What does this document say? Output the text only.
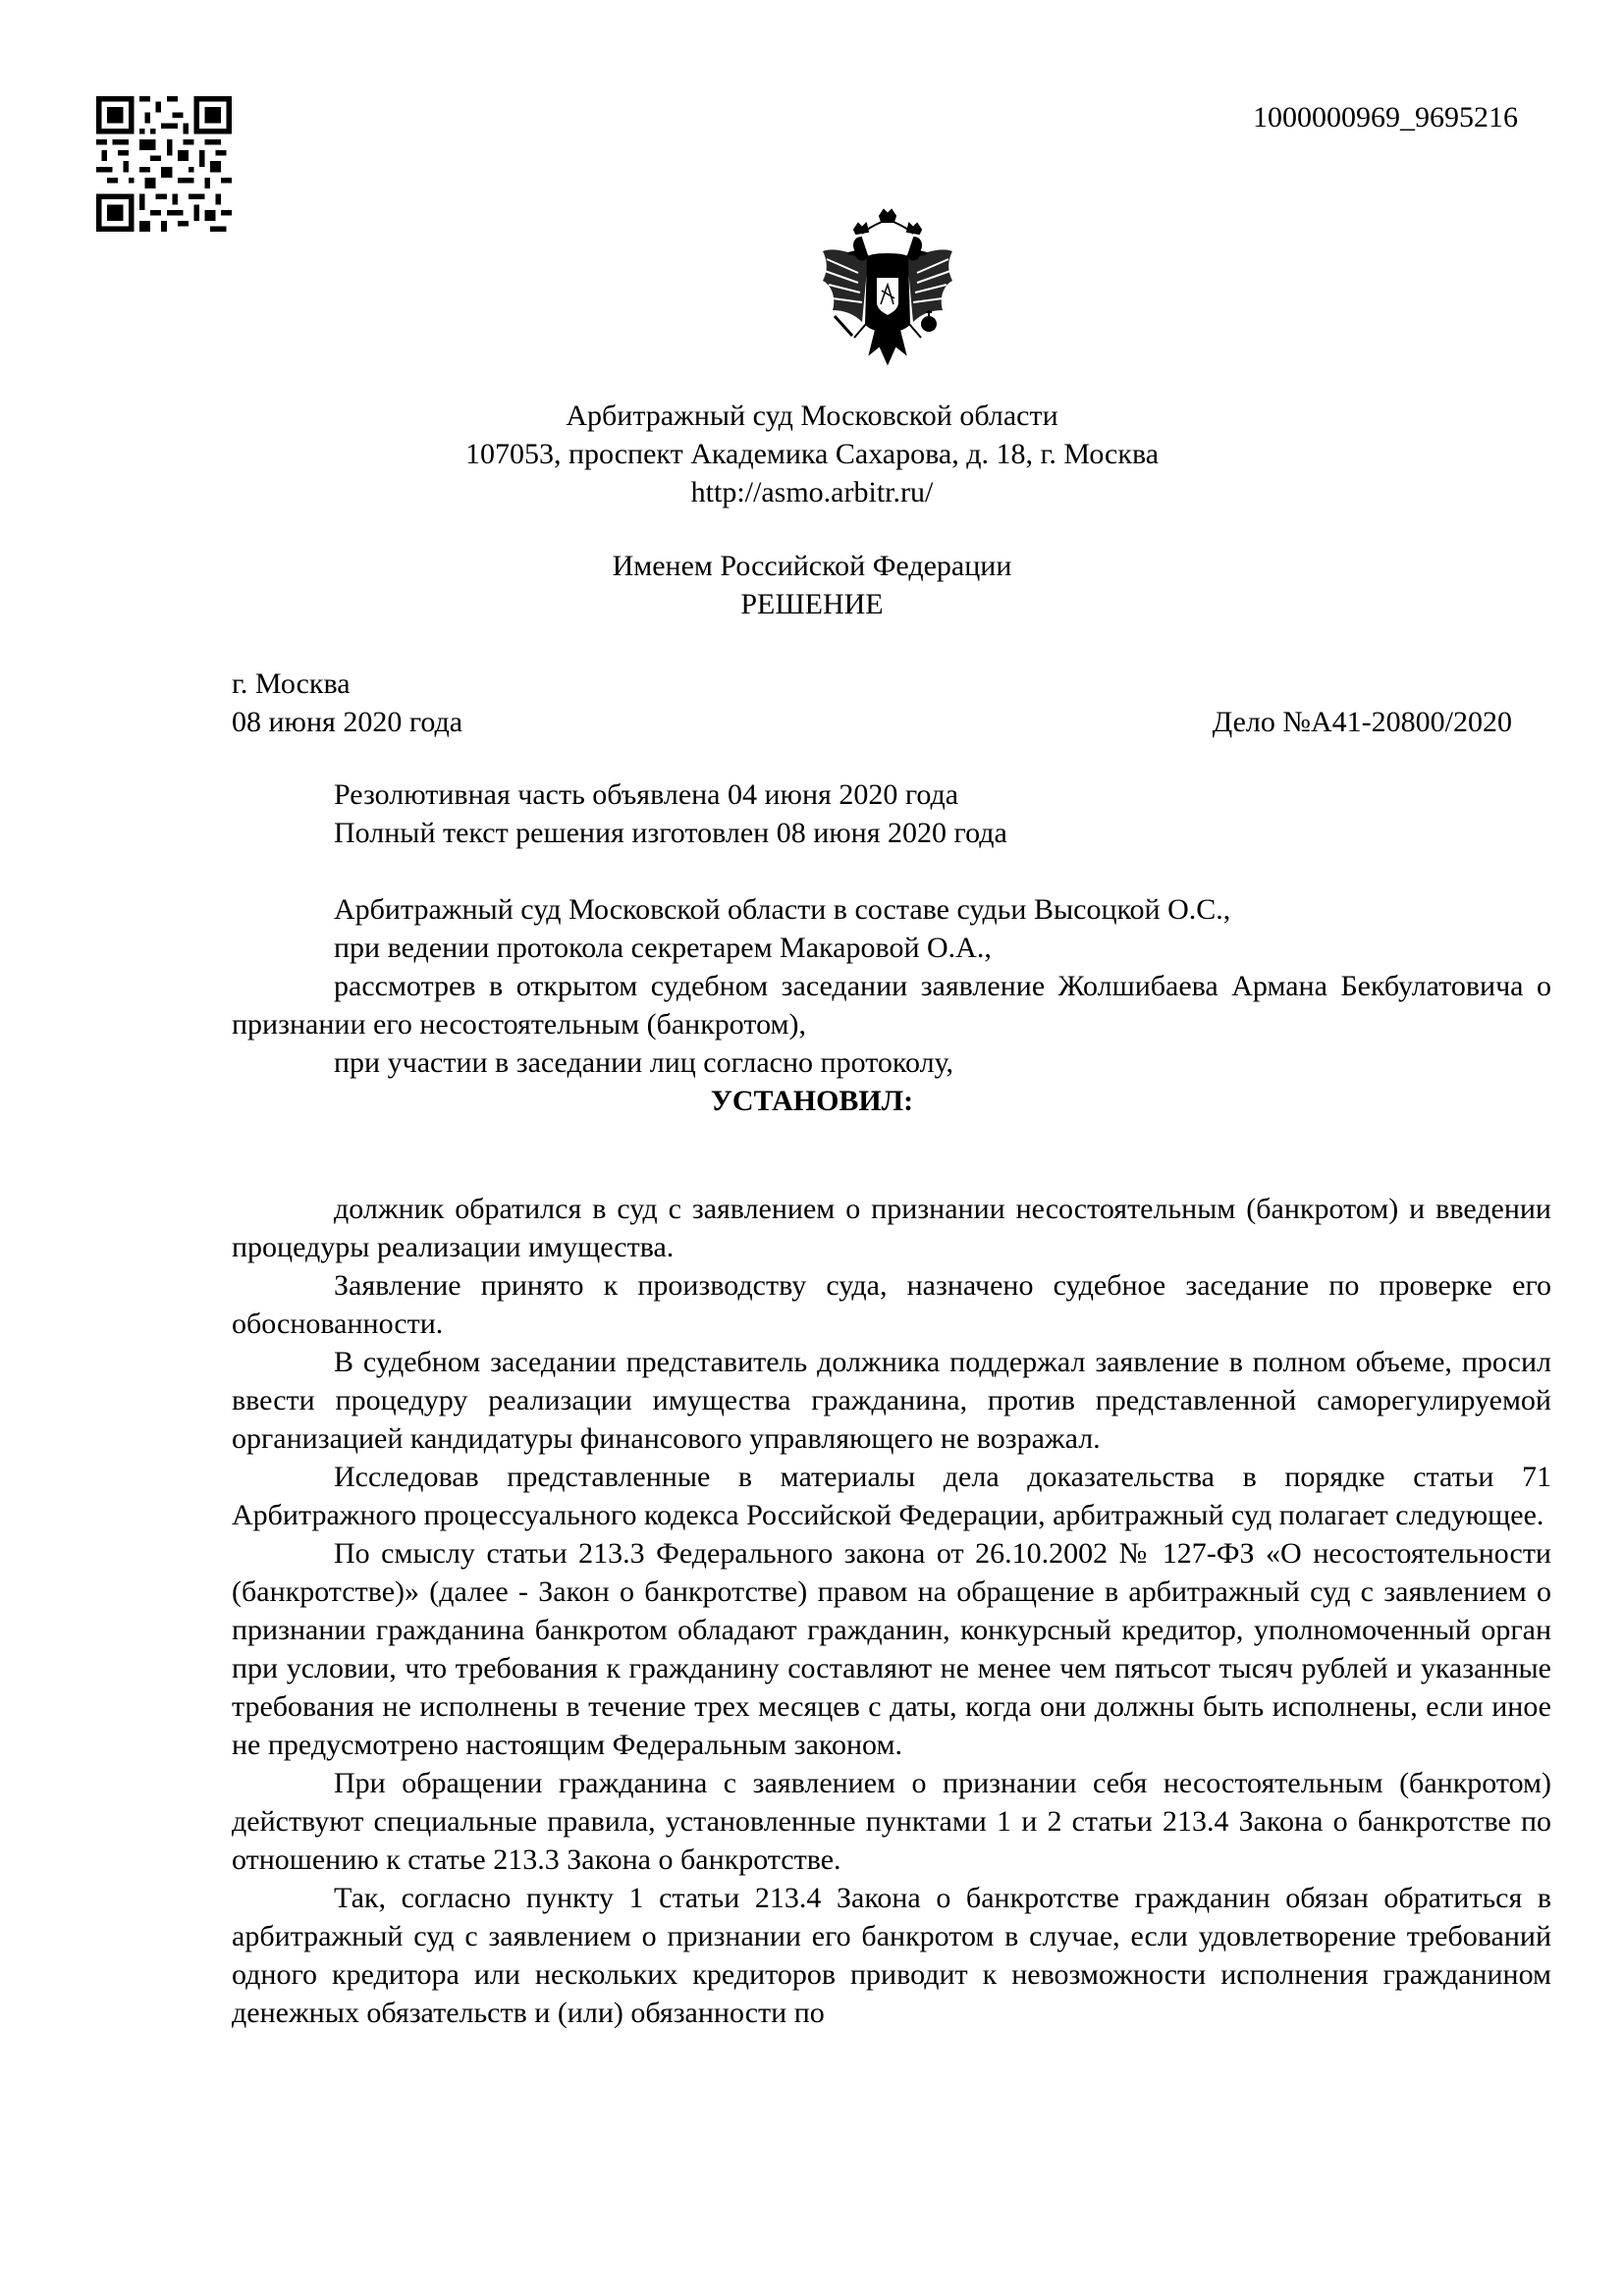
1000000969_9695216
Арбитражный суд Московской области
107053, проспект Академика Сахарова, д. 18, г. Москва
http://asmo.arbitr.ru/
Именем Российской Федерации
РЕШЕНИЕ
г. Москва
08 июня 2020 года	Дело №А41-20800/2020
Резолютивная часть объявлена 04 июня 2020 года
Полный текст решения изготовлен 08 июня 2020 года

Арбитражный суд Московской области в составе судьи Высоцкой О.С.,

при ведении протокола секретарем Макаровой О.А.,

рассмотрев в открытом судебном заседании заявление Жолшибаева Армана Бекбулатовича о признании его несостоятельным (банкротом),

при участии в заседании лиц согласно протоколу,

УСТАНОВИЛ:

должник обратился в суд с заявлением о признании несостоятельным (банкротом) и введении процедуры реализации имущества.

Заявление принято к производству суда, назначено судебное заседание по проверке его обоснованности.

В судебном заседании представитель должника поддержал заявление в полном объеме, просил ввести процедуру реализации имущества гражданина, против представленной саморегулируемой организацией кандидатуры финансового управляющего не возражал.

Исследовав представленные в материалы дела доказательства в порядке статьи 71 Арбитражного процессуального кодекса Российской Федерации, арбитражный суд полагает следующее.

По смыслу статьи 213.3 Федерального закона от 26.10.2002 № 127-ФЗ «О несостоятельности (банкротстве)» (далее - Закон о банкротстве) правом на обращение в арбитражный суд с заявлением о признании гражданина банкротом обладают гражданин, конкурсный кредитор, уполномоченный орган при условии, что требования к гражданину составляют не менее чем пятьсот тысяч рублей и указанные требования не исполнены в течение трех месяцев с даты, когда они должны быть исполнены, если иное не предусмотрено настоящим Федеральным законом.

При обращении гражданина с заявлением о признании себя несостоятельным (банкротом) действуют специальные правила, установленные пунктами 1 и 2 статьи 213.4 Закона о банкротстве по отношению к статье 213.3 Закона о банкротстве.

Так, согласно пункту 1 статьи 213.4 Закона о банкротстве гражданин обязан обратиться в арбитражный суд с заявлением о признании его банкротом в случае, если удовлетворение требований одного кредитора или нескольких кредиторов приводит к невозможности исполнения гражданином денежных обязательств и (или) обязанности по
